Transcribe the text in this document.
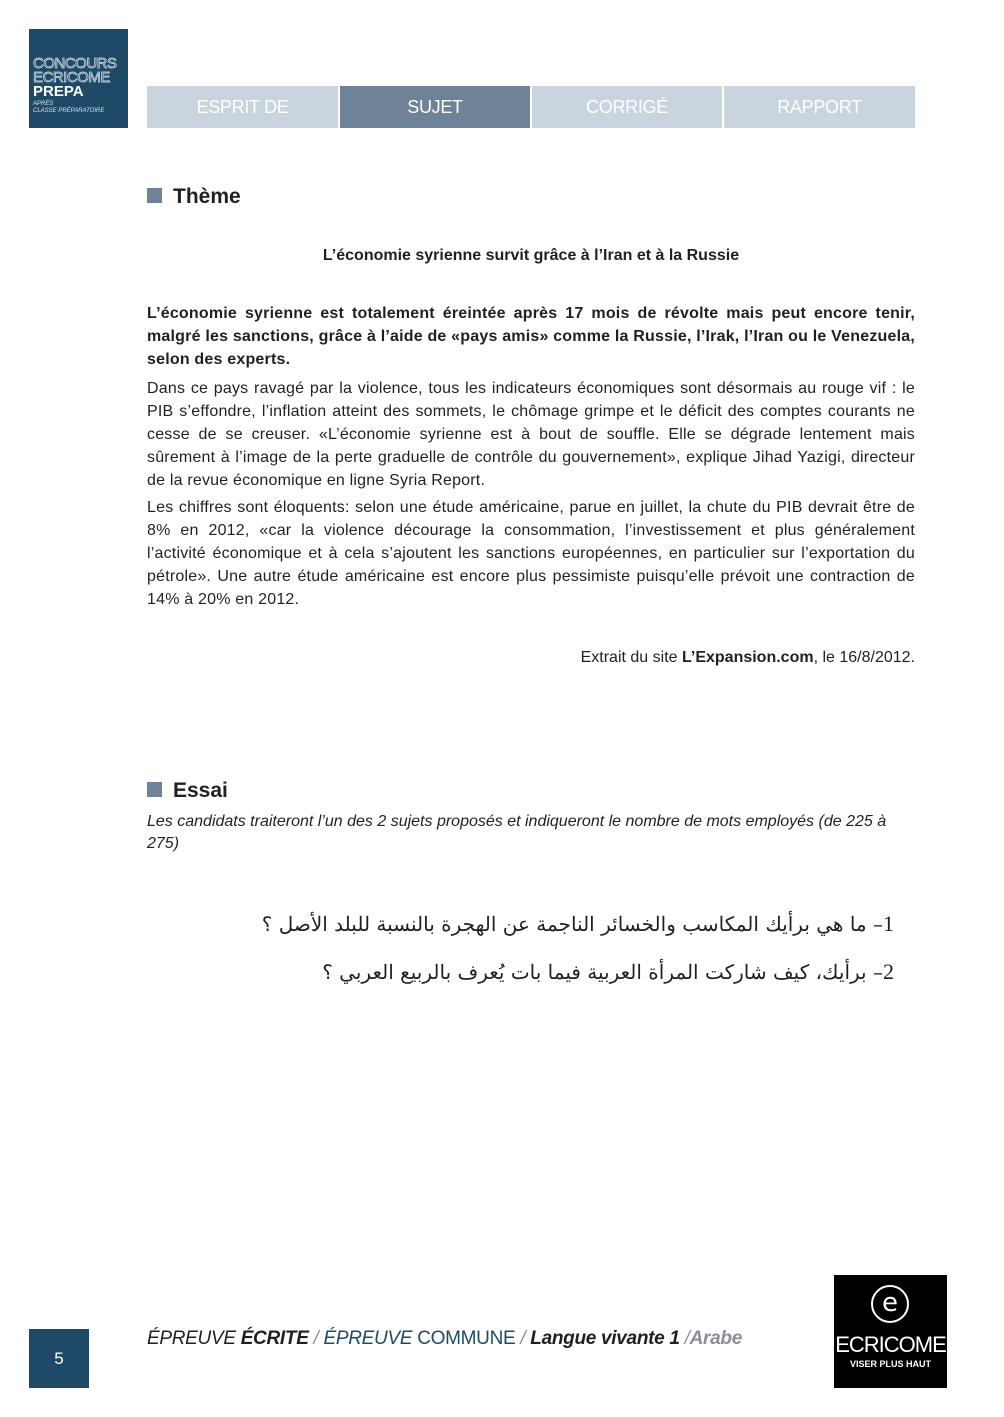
CONCOURS
ECRICOME
PREPA
APRÈS
CLASSE PRÉPARATOIRE	ESPRIT DE L’ÉPREUVE
SUJET	CORRIGÉ	RAPPORT
Thème
L’économie syrienne survit grâce à l’Iran et à la Russie
L’économie syrienne est totalement éreintée après 17 mois de révolte mais peut encore tenir, malgré les sanctions, grâce à l’aide de «pays amis» comme la Russie, l’Irak, l’Iran ou le Venezuela, selon des experts.
Dans ce pays ravagé par la violence, tous les indicateurs économiques sont désormais au rouge vif : le PIB s’effondre, l’inflation atteint des sommets, le chômage grimpe et le déficit des comptes courants ne cesse de se creuser. «L’économie syrienne est à bout de souffle. Elle se dégrade lentement mais sûrement à l’image de la perte graduelle de contrôle du gouvernement», explique Jihad Yazigi, directeur de la revue économique en ligne Syria Report.
Les chiffres sont éloquents: selon une étude américaine, parue en juillet, la chute du PIB devrait être de 8% en 2012, «car la violence décourage la consommation, l’investissement et plus généralement l’activité économique et à cela s’ajoutent les sanctions européennes, en particulier sur l’exportation du pétrole». Une autre étude américaine est encore plus pessimiste puisqu’elle prévoit une contraction de 14% à 20% en 2012.
Extrait du site L’Expansion.com, le 16/8/2012.
Essai
Les candidats traiteront l’un des 2 sujets proposés et indiqueront le nombre de mots employés (de 225 à 275)
1– ما هي برأيك المكاسب والخسائر الناجمة عن الهجرة بالنسبة للبلد الأصل ؟
2– برأيك، كيف شاركت المرأة العربية فيما بات يُعرف بالربيع العربي ؟
5
ÉPREUVE ÉCRITE / ÉPREUVE COMMUNE / Langue vivante 1 /Arabe
e
ECRICOME
VISER PLUS HAUT
